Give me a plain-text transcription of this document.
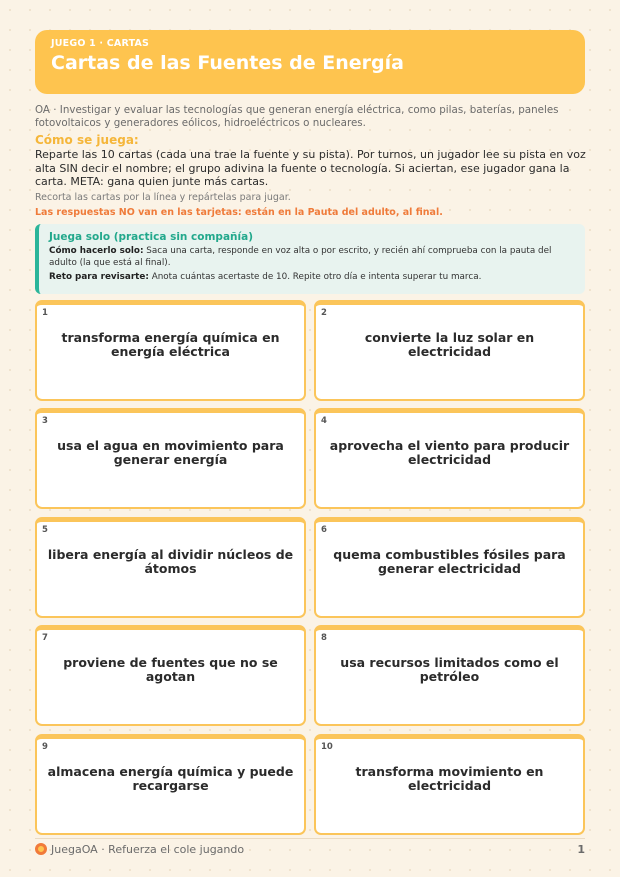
JUEGO 1 · CARTAS
Cartas de las Fuentes de Energía
OA · Investigar y evaluar las tecnologías que generan energía eléctrica, como pilas, baterías, paneles fotovoltaicos y generadores eólicos, hidroeléctricos o nucleares.
Cómo se juega:
Reparte las 10 cartas (cada una trae la fuente y su pista). Por turnos, un jugador lee su pista en voz alta SIN decir el nombre; el grupo adivina la fuente o tecnología. Si aciertan, ese jugador gana la carta. META: gana quien junte más cartas.
Recorta las cartas por la línea y repártelas para jugar.
Las respuestas NO van en las tarjetas: están en la Pauta del adulto, al final.
Juega solo (practica sin compañía)
Cómo hacerlo solo: Saca una carta, responde en voz alta o por escrito, y recién ahí comprueba con la pauta del adulto (la que está al final).
Reto para revisarte: Anota cuántas acertaste de 10. Repite otro día e intenta superar tu marca.
1
transforma energía química en energía eléctrica
2
convierte la luz solar en electricidad
3
usa el agua en movimiento para generar energía
4
aprovecha el viento para producir electricidad
5
libera energía al dividir núcleos de átomos
6
quema combustibles fósiles para generar electricidad
7
proviene de fuentes que no se agotan
8
usa recursos limitados como el petróleo
9
almacena energía química y puede recargarse
10
transforma movimiento en electricidad
JuegaOA · Refuerza el cole jugando	1
